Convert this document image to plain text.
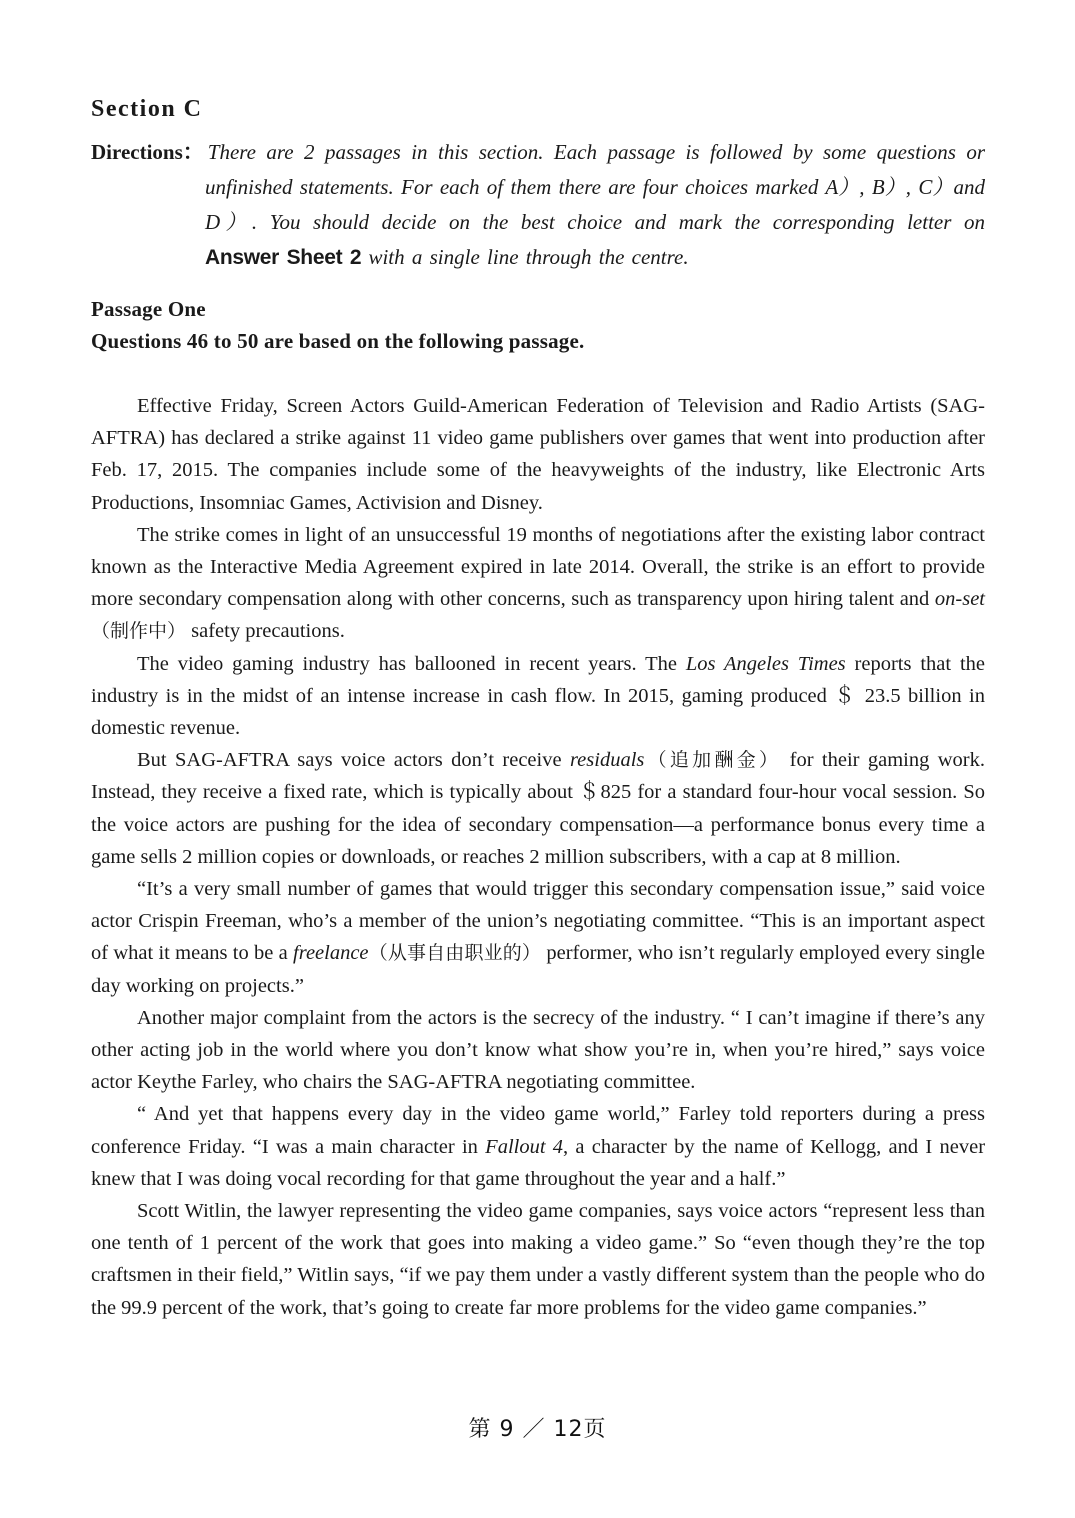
Section C
Directions： There are 2 passages in this section. Each passage is followed by some questions or unfinished statements. For each of them there are four choices marked A）, B）, C）and D）. You should decide on the best choice and mark the corresponding letter on Answer Sheet 2 with a single line through the centre.
Passage One
Questions 46 to 50 are based on the following passage.

Effective Friday, Screen Actors Guild-American Federation of Television and Radio Artists (SAG-AFTRA) has declared a strike against 11 video game publishers over games that went into production after Feb. 17, 2015. The companies include some of the heavyweights of the industry, like Electronic Arts Productions, Insomniac Games, Activision and Disney.

The strike comes in light of an unsuccessful 19 months of negotiations after the existing labor contract known as the Interactive Media Agreement expired in late 2014. Overall, the strike is an effort to provide more secondary compensation along with other concerns, such as transparency upon hiring talent and on-set（制作中） safety precautions.

The video gaming industry has ballooned in recent years. The Los Angeles Times reports that the industry is in the midst of an intense increase in cash flow. In 2015, gaming produced ＄ 23.5 billion in domestic revenue.

But SAG-AFTRA says voice actors don’t receive residuals（追加酬金） for their gaming work. Instead, they receive a fixed rate, which is typically about ＄825 for a standard four-hour vocal session. So the voice actors are pushing for the idea of secondary compensation—a performance bonus every time a game sells 2 million copies or downloads, or reaches 2 million subscribers, with a cap at 8 million.

“It’s a very small number of games that would trigger this secondary compensation issue,” said voice actor Crispin Freeman, who’s a member of the union’s negotiating committee. “This is an important aspect of what it means to be a freelance（从事自由职业的） performer, who isn’t regularly employed every single day working on projects.”

Another major complaint from the actors is the secrecy of the industry. “ I can’t imagine if there’s any other acting job in the world where you don’t know what show you’re in, when you’re hired,” says voice actor Keythe Farley, who chairs the SAG-AFTRA negotiating committee.

“ And yet that happens every day in the video game world,” Farley told reporters during a press conference Friday. “I was a main character in Fallout 4, a character by the name of Kellogg, and I never knew that I was doing vocal recording for that game throughout the year and a half.”

Scott Witlin, the lawyer representing the video game companies, says voice actors “represent less than one tenth of 1 percent of the work that goes into making a video game.” So “even though they’re the top craftsmen in their field,” Witlin says, “if we pay them under a vastly different system than the people who do the 99.9 percent of the work, that’s going to create far more problems for the video game companies.”

第 9 ／ 12页
